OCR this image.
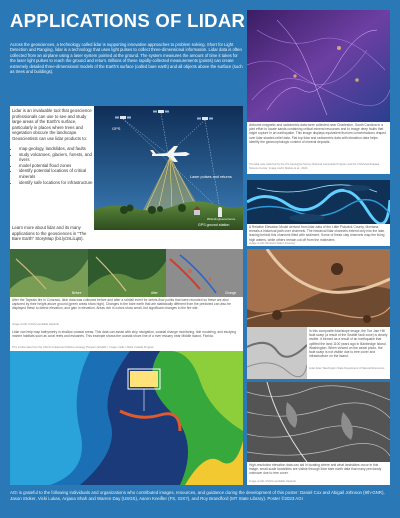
APPLICATIONS OF LIDAR
Across the geosciences, a technology called lidar is supporting innovative approaches to problem solving. Short for Light Detection and Ranging, lidar is a technology that uses light pulses to collect three-dimensional information. Lidar data is often collected from an airplane using a laser system pointed at the ground. The system measures the amount of time it takes for the laser light pulses to reach the ground and return. Billions of these rapidly-collected measurements (points) can create extremely detailed three-dimensional models of the Earth's surface (called bare earth) and all objects above the surface (such as trees and buildings).
Lidar is an invaluable tool that geoscience professionals can use to see and study large areas of the Earth's surface, particularly in places where trees and vegetation obscure the landscape. Geoscientists can use lidar products to:
• map geology, landslides, and faults
• study volcanoes, glaciers, forests, and rivers
• model potential flood zones
• identify potential locations of critical minerals
• identify safe locations for infrastructure
Learn more about lidar and its many applications to the geosciences in "The Bare Earth" StoryMap (bit.ly/3rLiLqB).
GPS
Laser pulses and returns
GPS ground station
#PaintingGeoscience
Airborne magnetic and radiometric data were collected near Charleston, South Carolina in a joint effort to locate sands containing critical mineral resources and to image deep faults that might rupture in an earthquake. This image displays equivalent thorium concentrations draped over lidar shaded-relief data. Flat top lidar and radiometric data with elevation data helps identify the geomorphologic context of mineral deposits.
The lidar was collected by the US Geological Survey National Geospatial Program and the USGS Earthquake Science Center. Image credit: Mahan et al., 2023.
A Relative Elevation Model derived from lidar data of the Little Pickwick County, Montana reveals a historical path over channels. The historical lidar channels extend only into the lake, leaving behind this channels filled with sediment. Some of these clay channels map the living high waters, while others remain cut off from the mainstem.
Image credit: Montana State University
Before	After	Change
After the Tapeats fire in Colorado, lidar data was collected before and after a rainfall event for debris-flow points that were recorded so these are also captured by their height above ground (green areas show high). Changes in the bare earth that are statistically different from the predicted can also be displayed these to detect elevation, and gain in elevation. Areas rich in colors show small, but significant changes in the fire site.
Image credit: USGS Landslide Hazards
Lidar can help map bathymetry in shallow coastal areas. This data can assist with ship navigation, coastal change monitoring, tide modeling, and studying marine habitats such as coral reefs and estuaries. This example shows the coastal shore line of a river estuary near Middle Island, Florida.
This is lidar data from the USGS Coastal and Marine Geology Program (EAARL). Image credit: USGS Coastal Program
In this composite lidar/slope image, the Toe Jam Hill fault scarp (a result of the Seattle fault zone) is clearly visible. It formed as a result of an earthquake that uplifted the land 1100 years ago in Bainbridge Island, Washington. When viewed on the aerial photo, the fault scarp is not visible due to tree cover and infrastructure on the island.
Lidar data: Washington State Department of Natural Resources
High-resolution elevation data can aid in locating where and what landslides occur in this image, small-scale landslides are visible through lidar bare earth data that many previously unknown due to tree cover.
Image credit: USGS Landslide Hazards
AGI is grateful to the following individuals and organizations who contributed images, resources, and guidance during the development of this poster: Daniel Cox and Abigail Johnson (9th-GNR), Jason Stoker, Vicki Lukas, Anjana Shah and Warren Day (USGS), Aaron Kneifler (FS, GIS?), and Roy Brandford (MT State Library). Poster ©2023 AGI
